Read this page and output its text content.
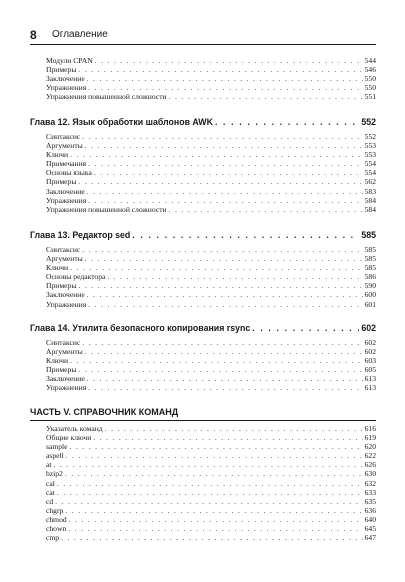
8 Оглавление
Модули CPAN . . .	544
Примеры . . .	546
Заключение . . .	550
Упражнения . . .	550
Упражнения повышенной сложности . . .	551
Глава 12. Язык обработки шаблонов AWK . . .	552
Синтаксис . . .	552
Аргументы . . .	553
Ключи . . .	553
Примечания . . .	554
Основы языка . . .	554
Примеры . . .	562
Заключение . . .	583
Упражнения . . .	584
Упражнения повышенной сложности . . .	584
Глава 13. Редактор sed . . .	585
Синтаксис . . .	585
Аргументы . . .	585
Ключи . . .	585
Основы редактора . . .	586
Примеры . . .	590
Заключение . . .	600
Упражнения . . .	601
Глава 14. Утилита безопасного копирования rsync . . .	602
Синтаксис . . .	602
Аргументы . . .	602
Ключи . . .	603
Примеры . . .	605
Заключение . . .	613
Упражнения . . .	613
ЧАСТЬ V. СПРАВОЧНИК КОМАНД
Указатель команд . . .	616
Общие ключи . . .	619
sample . . .	620
aspell . . .	622
at . . .	626
bzip2 . . .	630
cal . . .	632
cat . . .	633
cd . . .	635
chgrp . . .	636
chmod . . .	640
chown . . .	645
cmp . . .	647
